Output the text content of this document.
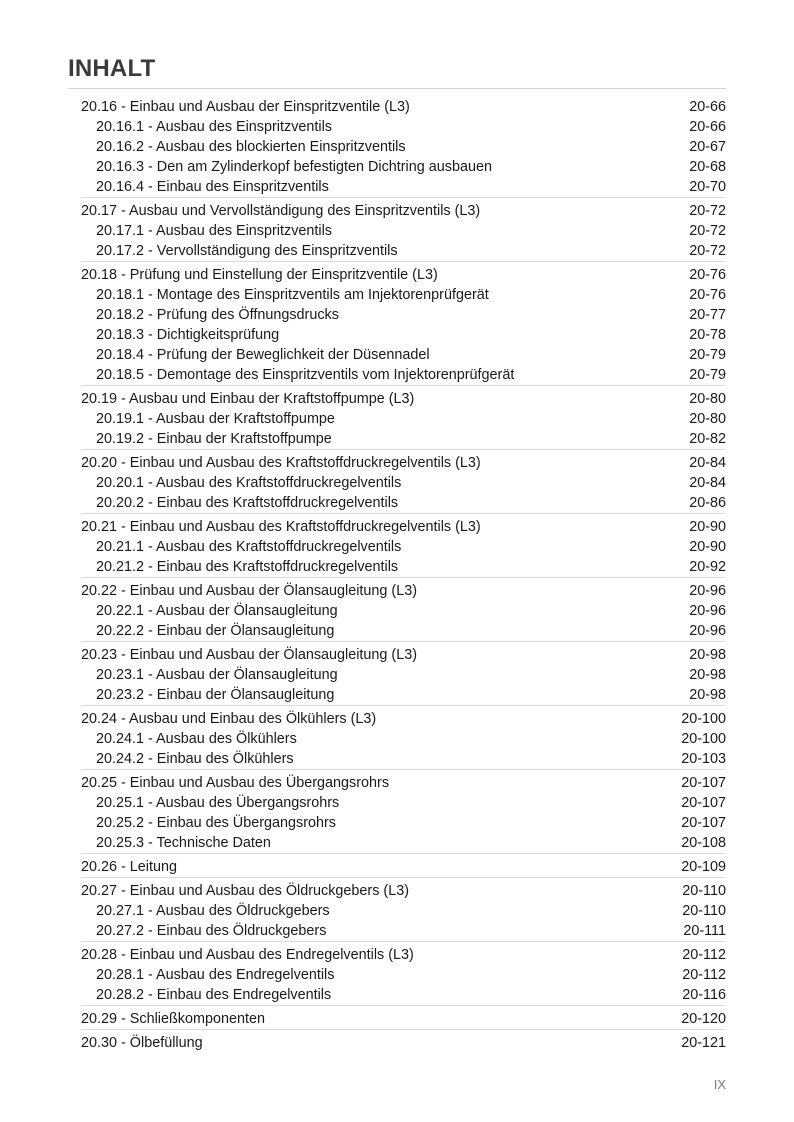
INHALT
20.16 - Einbau und Ausbau der Einspritzventile (L3)	20-66
20.16.1 - Ausbau des Einspritzventils	20-66
20.16.2 - Ausbau des blockierten Einspritzventils	20-67
20.16.3 - Den am Zylinderkopf befestigten Dichtring ausbauen	20-68
20.16.4 - Einbau des Einspritzventils	20-70
20.17 - Ausbau und Vervollständigung des Einspritzventils (L3)	20-72
20.17.1 - Ausbau des Einspritzventils	20-72
20.17.2 - Vervollständigung des Einspritzventils	20-72
20.18 - Prüfung und Einstellung der Einspritzventile (L3)	20-76
20.18.1 - Montage des Einspritzventils am Injektorenprüfgerät	20-76
20.18.2 - Prüfung des Öffnungsdrucks	20-77
20.18.3 - Dichtigkeitsprüfung	20-78
20.18.4 - Prüfung der Beweglichkeit der Düsennadel	20-79
20.18.5 - Demontage des Einspritzventils vom Injektorenprüfgerät	20-79
20.19 - Ausbau und Einbau der Kraftstoffpumpe (L3)	20-80
20.19.1 - Ausbau der Kraftstoffpumpe	20-80
20.19.2 - Einbau der Kraftstoffpumpe	20-82
20.20 - Einbau und Ausbau des Kraftstoffdruckregelventils (L3)	20-84
20.20.1 - Ausbau des Kraftstoffdruckregelventils	20-84
20.20.2 - Einbau des Kraftstoffdruckregelventils	20-86
20.21 - Einbau und Ausbau des Kraftstoffdruckregelventils (L3)	20-90
20.21.1 - Ausbau des Kraftstoffdruckregelventils	20-90
20.21.2 - Einbau des Kraftstoffdruckregelventils	20-92
20.22 - Einbau und Ausbau der Ölansaugleitung (L3)	20-96
20.22.1 - Ausbau der Ölansaugleitung	20-96
20.22.2 - Einbau der Ölansaugleitung	20-96
20.23 - Einbau und Ausbau der Ölansaugleitung (L3)	20-98
20.23.1 - Ausbau der Ölansaugleitung	20-98
20.23.2 - Einbau der Ölansaugleitung	20-98
20.24 - Ausbau und Einbau des Ölkühlers (L3)	20-100
20.24.1 - Ausbau des Ölkühlers	20-100
20.24.2 - Einbau des Ölkühlers	20-103
20.25 - Einbau und Ausbau des Übergangsrohrs	20-107
20.25.1 - Ausbau des Übergangsrohrs	20-107
20.25.2 - Einbau des Übergangsrohrs	20-107
20.25.3 - Technische Daten	20-108
20.26 - Leitung	20-109
20.27 - Einbau und Ausbau des Öldruckgebers (L3)	20-110
20.27.1 - Ausbau des Öldruckgebers	20-110
20.27.2 - Einbau des Öldruckgebers	20-111
20.28 - Einbau und Ausbau des Endregelventils (L3)	20-112
20.28.1 - Ausbau des Endregelventils	20-112
20.28.2 - Einbau des Endregelventils	20-116
20.29 - Schließkomponenten	20-120
20.30 - Ölbefüllung	20-121
IX
